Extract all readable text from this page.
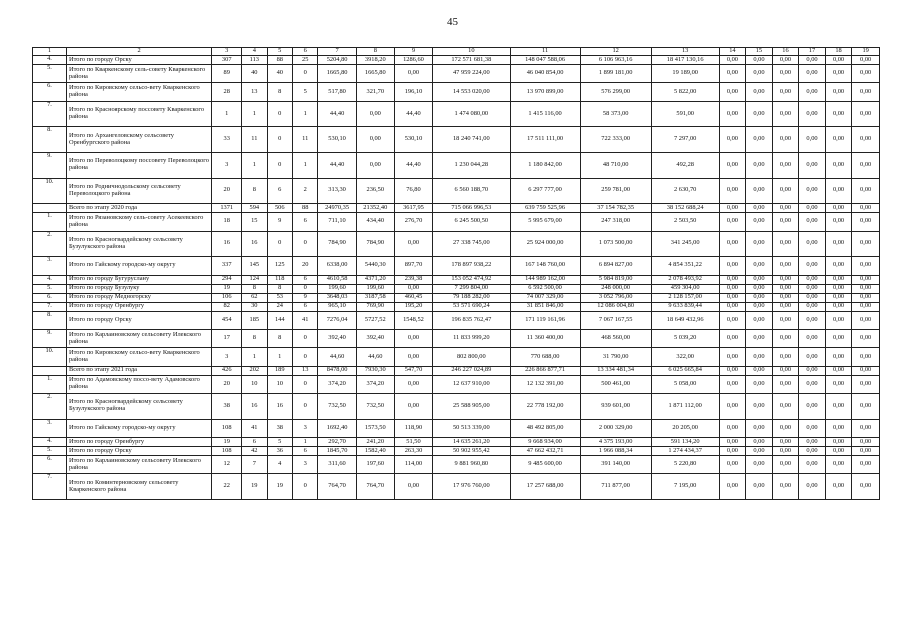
45
1	2	3	4	5	6	7	8	9	10	11	12	13	14	15	16	17	18	19
4.	Итого по городу Орску	307	113	88	25	5204,80	3918,20	1286,60	172 571 681,38	148 047 588,06	6 106 963,16	18 417 130,16	0,00	0,00	0,00	0,00	0,00	0,00
5.	Итого по Кваркенскому сель-советy Кваркенского района	89	40	40	0	1665,80	1665,80	0,00	47 959 224,00	46 040 854,00	1 899 181,00	19 189,00	0,00	0,00	0,00	0,00	0,00	0,00
6.	Итого по Кировскому сельсо-вету Кваркенского района	28	13	8	5	517,80	321,70	196,10	14 553 020,00	13 970 899,00	576 299,00	5 822,00	0,00	0,00	0,00	0,00	0,00	0,00
7.	Итого по Красноярскому поссовету Кваркенского района	1	1	0	1	44,40	0,00	44,40	1 474 080,00	1 415 116,00	58 373,00	591,00	0,00	0,00	0,00	0,00	0,00	0,00
8.	Итого по Архангеловскому сельсовету Оренбургского района	33	11	0	11	530,10	0,00	530,10	18 240 741,00	17 511 111,00	722 333,00	7 297,00	0,00	0,00	0,00	0,00	0,00	0,00
9.	Итого по Переволоцкому поссовету Переволоцкого района	3	1	0	1	44,40	0,00	44,40	1 230 044,28	1 180 842,00	48 710,00	492,28	0,00	0,00	0,00	0,00	0,00	0,00
10.	Итого по Родничнодольскому сельсовету Переволоцкого района	20	8	6	2	313,30	236,50	76,80	6 560 188,70	6 297 777,00	259 781,00	2 630,70	0,00	0,00	0,00	0,00	0,00	0,00
	Всего по этапу 2020 года	1371	594	506	88	24970,35	21352,40	3617,95	715 066 996,53	639 759 525,96	37 154 782,35	38 152 688,24	0,00	0,00	0,00	0,00	0,00	0,00
1.	Итого по Рязановскому сель-совету Асекеевского района	18	15	9	6	711,10	434,40	276,70	6 245 500,50	5 995 679,00	247 318,00	2 503,50	0,00	0,00	0,00	0,00	0,00	0,00
2.	Итого по Красногвардейскому сельсовету Бузулукского района	16	16	0	0	784,90	784,90	0,00	27 338 745,00	25 924 000,00	1 073 500,00	341 245,00	0,00	0,00	0,00	0,00	0,00	0,00
3.	Итого по Гайскому городско-му округу	337	145	125	20	6338,00	5440,30	897,70	178 897 938,22	167 148 760,00	6 894 827,00	4 854 351,22	0,00	0,00	0,00	0,00	0,00	0,00
4.	Итого по городу Бугуруслану	294	124	118	6	4610,58	4371,20	239,38	153 052 474,92	144 989 162,00	5 984 819,00	2 078 493,92	0,00	0,00	0,00	0,00	0,00	0,00
5.	Итого по городу Бузулуку	19	8	8	0	199,60	199,60	0,00	7 299 804,00	6 592 500,00	248 000,00	459 304,00	0,00	0,00	0,00	0,00	0,00	0,00
6.	Итого по городу Медногорску	106	62	53	9	3648,03	3187,58	460,45	79 188 282,00	74 007 329,00	3 052 796,00	2 128 157,00	0,00	0,00	0,00	0,00	0,00	0,00
7.	Итого по городу Оренбургу	82	30	24	6	965,10	769,90	195,20	53 571 690,24	31 851 846,00	12 086 004,80	9 633 839,44	0,00	0,00	0,00	0,00	0,00	0,00
8.	Итого по городу Орску	454	185	144	41	7276,04	5727,52	1548,52	196 835 762,47	171 119 161,96	7 067 167,55	18 649 432,96	0,00	0,00	0,00	0,00	0,00	0,00
9.	Итого по Карлаиновскому сельсовету Илекского района	17	8	8	0	392,40	392,40	0,00	11 833 999,20	11 360 400,00	468 560,00	5 039,20	0,00	0,00	0,00	0,00	0,00	0,00
10.	Итого по Кировскому сельсо-вету Кваркенского района	3	1	1	0	44,60	44,60	0,00	802 800,00	770 688,00	31 790,00	322,00	0,00	0,00	0,00	0,00	0,00	0,00
	Всего по этапу 2021 года	426	202	189	13	8478,00	7930,30	547,70	246 227 024,89	226 866 877,71	13 334 481,34	6 025 665,84	0,00	0,00	0,00	0,00	0,00	0,00
1.	Итого по Адамовскому поссо-вету Адамовского района	20	10	10	0	374,20	374,20	0,00	12 637 910,00	12 132 391,00	500 461,00	5 058,00	0,00	0,00	0,00	0,00	0,00	0,00
2.	Итого по Красногвардейскому сельсовету Бузулукского района	38	16	16	0	732,50	732,50	0,00	25 588 905,00	22 778 192,00	939 601,00	1 871 112,00	0,00	0,00	0,00	0,00	0,00	0,00
3.	Итого по Гайскому городско-му округу	108	41	38	3	1692,40	1573,50	118,90	50 513 339,00	48 492 805,00	2 000 329,00	20 205,00	0,00	0,00	0,00	0,00	0,00	0,00
4.	Итого по городу Оренбургу	19	6	5	1	292,70	241,20	51,50	14 635 261,20	9 668 934,00	4 375 193,00	591 134,20	0,00	0,00	0,00	0,00	0,00	0,00
5.	Итого по городу Орску	108	42	36	6	1845,70	1582,40	263,30	50 902 955,42	47 662 432,71	1 966 088,34	1 274 434,37	0,00	0,00	0,00	0,00	0,00	0,00
6.	Итого по Карлаиновскому сельсовету Илекского района	12	7	4	3	311,60	197,60	114,00	9 881 960,80	9 485 600,00	391 140,00	5 220,80	0,00	0,00	0,00	0,00	0,00	0,00
7.	Итого по Коминтерновскому сельсовету Кваркенского района	22	19	19	0	764,70	764,70	0,00	17 976 760,00	17 257 688,00	711 877,00	7 195,00	0,00	0,00	0,00	0,00	0,00	0,00
